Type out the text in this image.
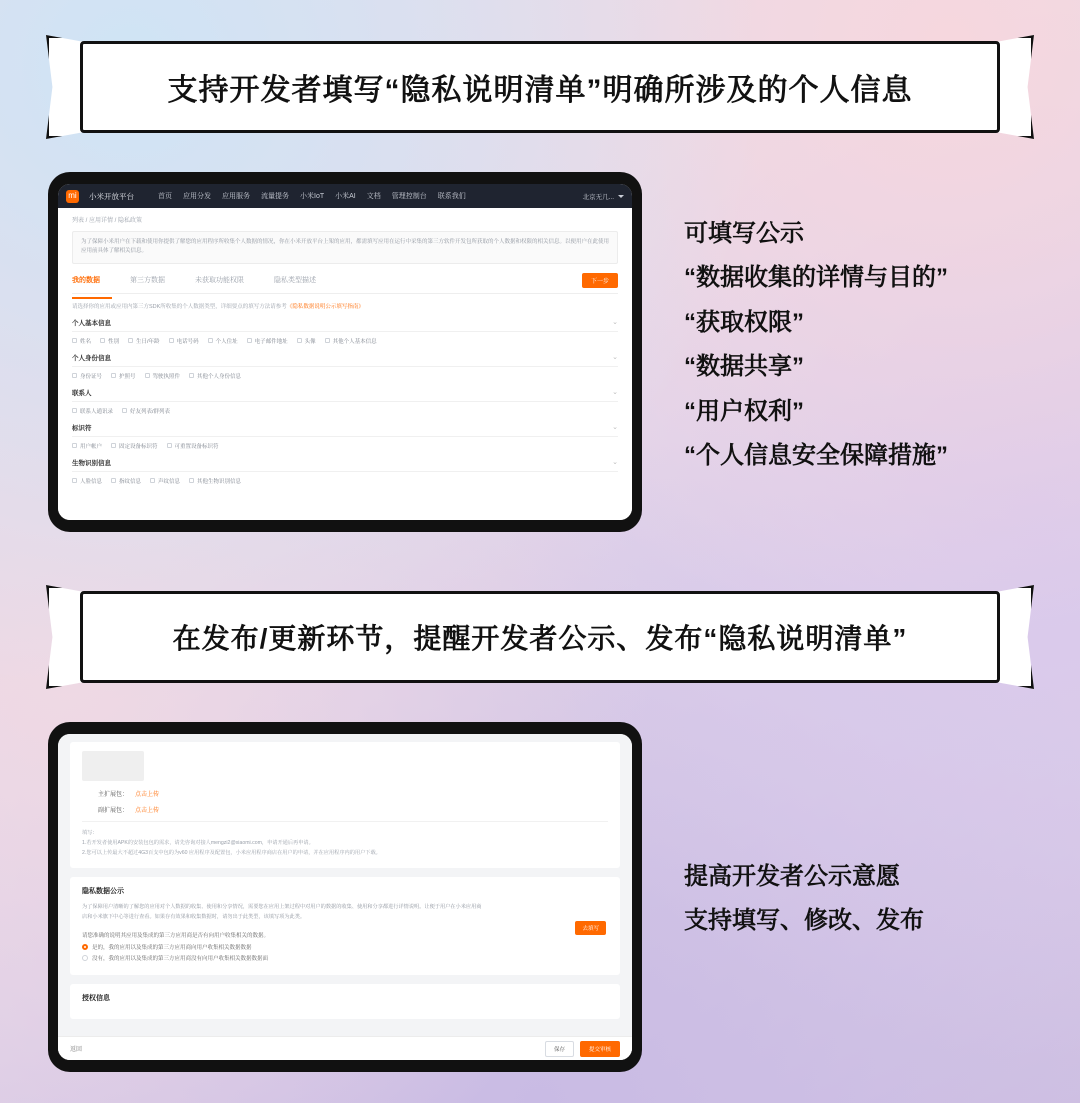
支持开发者填写“隐私说明清单”明确所涉及的个人信息
mi	小米开放平台	首页 应用分发 应用服务 流量提务 小米IoT 小米AI 文档 管理控制台 联系我们	北京无几...
列表 / 应用详情 / 隐私政策
为了保障小米用户在下载和使用你提供了解您的应用程序所收集个人数据的情况，你在小米开放平台上架的应用，都需填写应用在运行中采集的第三方软件开发包所获取的个人数据和权限的相关信息。以便用户在此使用应用前具体了解相关信息。
我的数据	第三方数据	未获取功能权限	隐私类型描述	下一步
请选择你的应用或应用内第三方SDK所收集的个人数据类型，详细要点的填写方法请参考《隐私数据说明公示填写指南》
个人基本信息	⌄
姓名	性别	生日/年龄	电话号码	个人住址	电子邮件地址	头像	其他个人基本信息
个人身份信息	⌄
身份证号	护照号	驾驶执照件	其他个人身份信息
联系人	⌄
联系人通讯录	好友列表/群列表
标识符	⌄
用户帐户	固定设备标识符	可重置设备标识符
生物识别信息	⌄
人脸信息	指纹信息	声纹信息	其他生物识别信息
可填写公示
“数据收集的详情与目的”
“获取权限”
“数据共享”
“用户权利”
“个人信息安全保障措施”
在发布/更新环节，提醒开发者公示、发布“隐私说明清单”
主扩展包： 点击上传
副扩展包： 点击上传
填写：
1.若开发者使用APK的安装包包的需求，请先咨询对接人mengzi2@xiaomi.com，申请开通后再申请。
2.您可以上传最大不超过4G3百支中包的为v60 应用程序及配置包，小米应用程序商店在用户的申请，并在应用程序内的用户下载。
隐私数据公示
为了保障用户清晰的了解您的应用对个人数据的收集、使用和分享情况，需要您在应用上架过程中对用户的数据的收集、使用和分享都进行详情说明。让便于用户在小米应用商店和小米旗下中心等进行查看。如果存有效果和收集数据时，请勿出于此类型，该填写项为此类。
去填写
请您准确的说明其应用及集成的第三方应用商是否有向用户收集相关的数据。
是的，我的应用以及集成的第三方应用商向用户收集相关数据数据
没有，我的应用以及集成的第三方应用商没有向用户收集相关数据数据面
授权信息
返回	保存	提交审核
提高开发者公示意愿
支持填写、修改、发布
